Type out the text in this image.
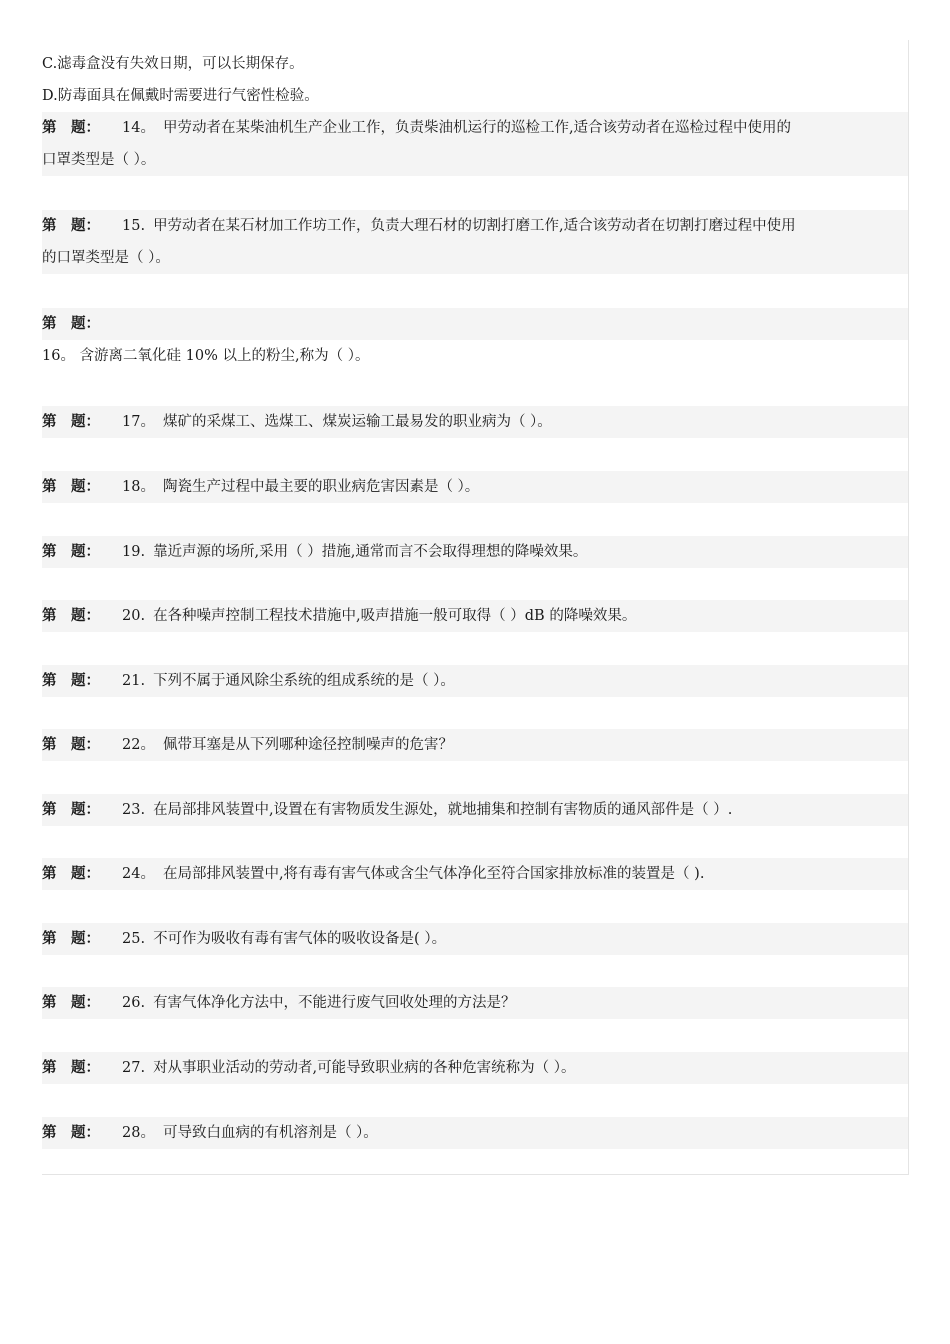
C.滤毒盒没有失效日期，可以长期保存。
D.防毒面具在佩戴时需要进行气密性检验。
第　题： 14。 甲劳动者在某柴油机生产企业工作，负责柴油机运行的巡检工作,适合该劳动者在巡检过程中使用的
口罩类型是（ ）。
第　题： 15. 甲劳动者在某石材加工作坊工作，负责大理石材的切割打磨工作,适合该劳动者在切割打磨过程中使用
的口罩类型是（ ）。
第　题：
16。 含游离二氧化硅 10% 以上的粉尘,称为（ ）。
第　题： 17。 煤矿的采煤工、选煤工、煤炭运输工最易发的职业病为（ ）。
第　题： 18。 陶瓷生产过程中最主要的职业病危害因素是（ ）。
第　题： 19. 靠近声源的场所,采用（ ）措施,通常而言不会取得理想的降噪效果。
第　题： 20. 在各种噪声控制工程技术措施中,吸声措施一般可取得（ ）dB 的降噪效果。
第　题： 21. 下列不属于通风除尘系统的组成系统的是（ ）。
第　题： 22。 佩带耳塞是从下列哪种途径控制噪声的危害？
第　题： 23. 在局部排风装置中,设置在有害物质发生源处，就地捕集和控制有害物质的通风部件是（ ）.
第　题： 24。 在局部排风装置中,将有毒有害气体或含尘气体净化至符合国家排放标准的装置是（ ).
第　题： 25. 不可作为吸收有毒有害气体的吸收设备是( ）。
第　题： 26. 有害气体净化方法中，不能进行废气回收处理的方法是？
第　题： 27. 对从事职业活动的劳动者,可能导致职业病的各种危害统称为（ ）。
第　题： 28。 可导致白血病的有机溶剂是（ ）。
